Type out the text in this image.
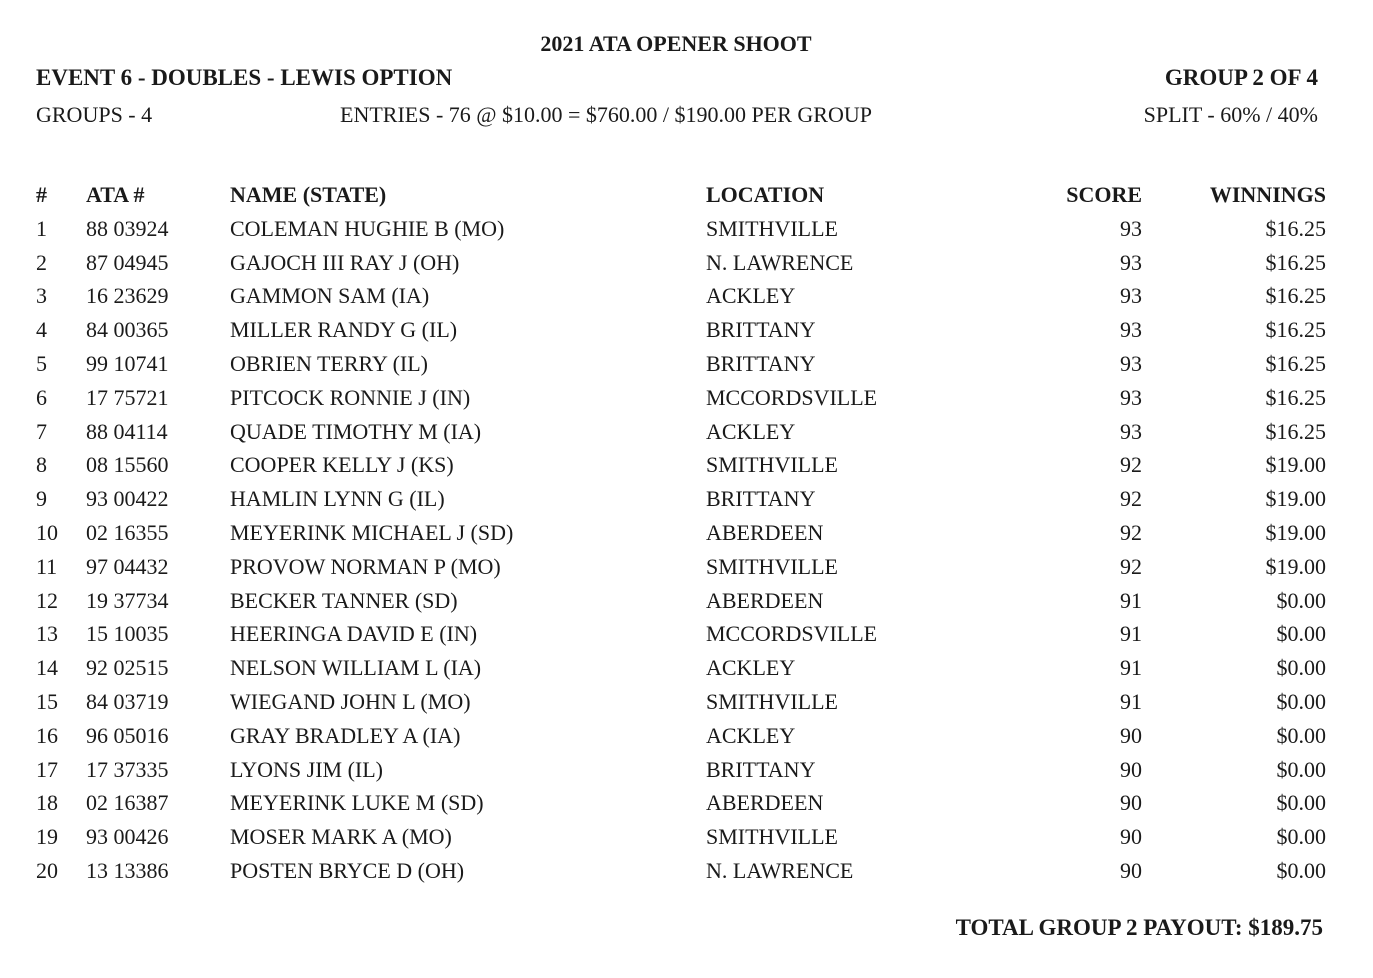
2021 ATA OPENER SHOOT
EVENT 6 - DOUBLES - LEWIS OPTION	GROUP 2 OF 4
GROUPS - 4	ENTRIES - 76 @ $10.00 = $760.00 / $190.00 PER GROUP	SPLIT - 60% / 40%
#	ATA #	NAME (STATE)	LOCATION	SCORE	WINNINGS
1	88 03924	COLEMAN HUGHIE B (MO)	SMITHVILLE	93	$16.25
2	87 04945	GAJOCH III RAY J (OH)	N. LAWRENCE	93	$16.25
3	16 23629	GAMMON SAM (IA)	ACKLEY	93	$16.25
4	84 00365	MILLER RANDY G (IL)	BRITTANY	93	$16.25
5	99 10741	OBRIEN TERRY (IL)	BRITTANY	93	$16.25
6	17 75721	PITCOCK RONNIE J (IN)	MCCORDSVILLE	93	$16.25
7	88 04114	QUADE TIMOTHY M (IA)	ACKLEY	93	$16.25
8	08 15560	COOPER KELLY J (KS)	SMITHVILLE	92	$19.00
9	93 00422	HAMLIN LYNN G (IL)	BRITTANY	92	$19.00
10	02 16355	MEYERINK MICHAEL J (SD)	ABERDEEN	92	$19.00
11	97 04432	PROVOW NORMAN P (MO)	SMITHVILLE	92	$19.00
12	19 37734	BECKER TANNER (SD)	ABERDEEN	91	$0.00
13	15 10035	HEERINGA DAVID E (IN)	MCCORDSVILLE	91	$0.00
14	92 02515	NELSON WILLIAM L (IA)	ACKLEY	91	$0.00
15	84 03719	WIEGAND JOHN L (MO)	SMITHVILLE	91	$0.00
16	96 05016	GRAY BRADLEY A (IA)	ACKLEY	90	$0.00
17	17 37335	LYONS JIM (IL)	BRITTANY	90	$0.00
18	02 16387	MEYERINK LUKE M (SD)	ABERDEEN	90	$0.00
19	93 00426	MOSER MARK A (MO)	SMITHVILLE	90	$0.00
20	13 13386	POSTEN BRYCE D (OH)	N. LAWRENCE	90	$0.00
TOTAL GROUP 2 PAYOUT: $189.75
